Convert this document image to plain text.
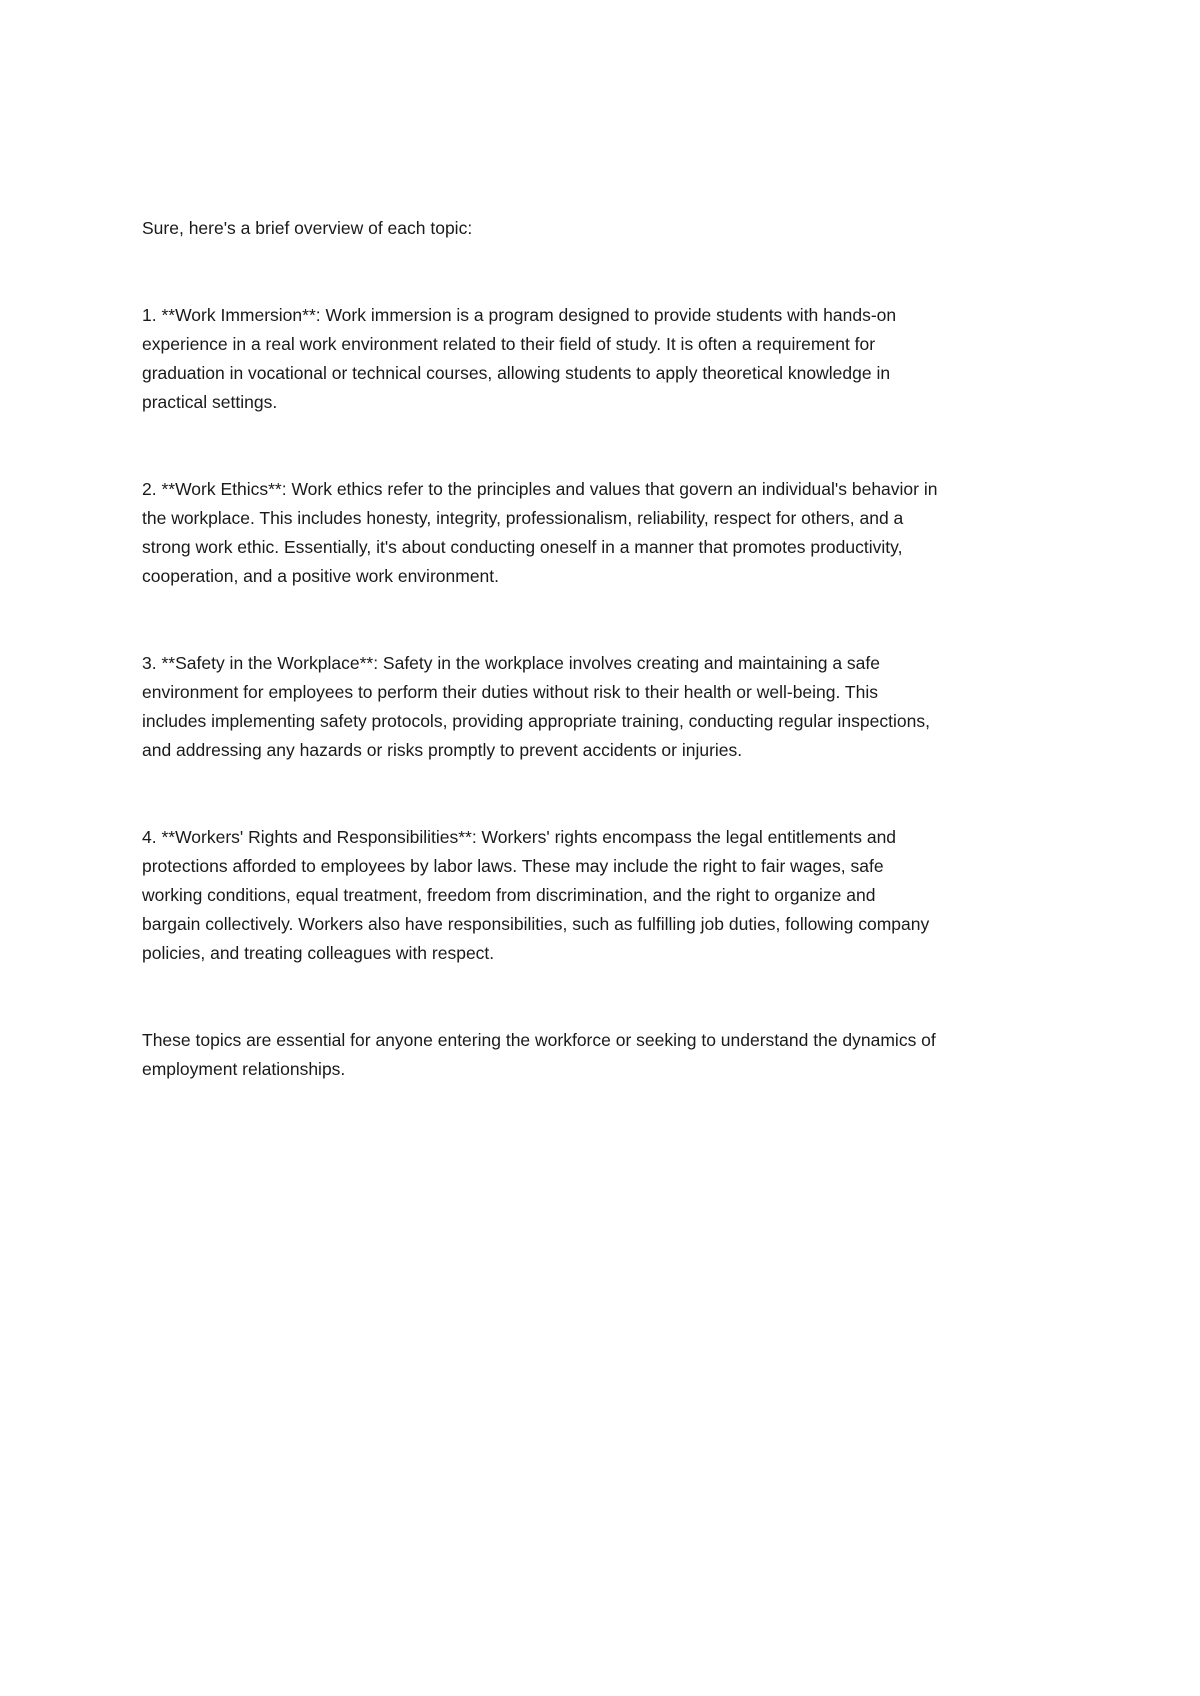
Sure, here's a brief overview of each topic:
1. **Work Immersion**: Work immersion is a program designed to provide students with hands-on
experience in a real work environment related to their field of study. It is often a requirement for
graduation in vocational or technical courses, allowing students to apply theoretical knowledge in
practical settings.
2. **Work Ethics**: Work ethics refer to the principles and values that govern an individual's behavior in
the workplace. This includes honesty, integrity, professionalism, reliability, respect for others, and a
strong work ethic. Essentially, it's about conducting oneself in a manner that promotes productivity,
cooperation, and a positive work environment.
3. **Safety in the Workplace**: Safety in the workplace involves creating and maintaining a safe
environment for employees to perform their duties without risk to their health or well-being. This
includes implementing safety protocols, providing appropriate training, conducting regular inspections,
and addressing any hazards or risks promptly to prevent accidents or injuries.
4. **Workers' Rights and Responsibilities**: Workers' rights encompass the legal entitlements and
protections afforded to employees by labor laws. These may include the right to fair wages, safe
working conditions, equal treatment, freedom from discrimination, and the right to organize and
bargain collectively. Workers also have responsibilities, such as fulfilling job duties, following company
policies, and treating colleagues with respect.
These topics are essential for anyone entering the workforce or seeking to understand the dynamics of
employment relationships.
